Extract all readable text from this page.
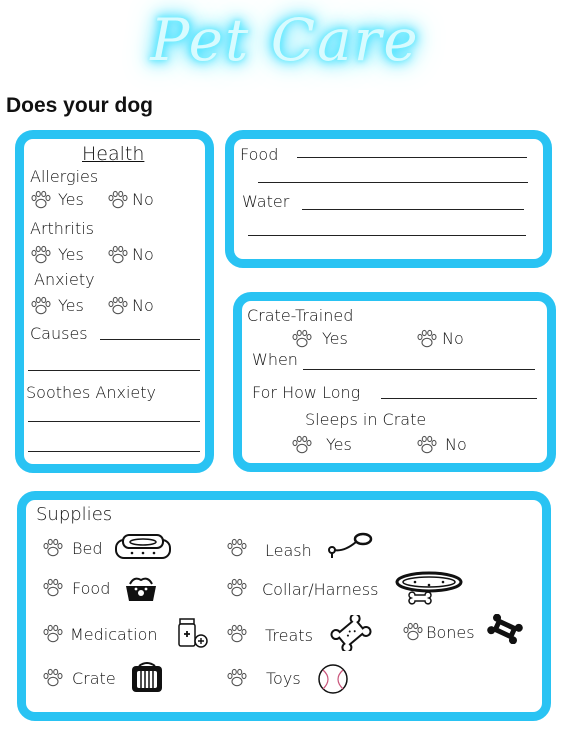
Pet Care
Does your dog
Health
Allergies
Yes	No
Arthritis
Yes	No
Anxiety
Yes	No
Causes
Soothes Anxiety
Food
Water
Crate-Trained
Yes	No
When
For How Long
Sleeps in Crate
Yes	No
Supplies
Bed
Food
Medication
Crate
Leash
Collar/Harness
Treats
Toys
Bones
